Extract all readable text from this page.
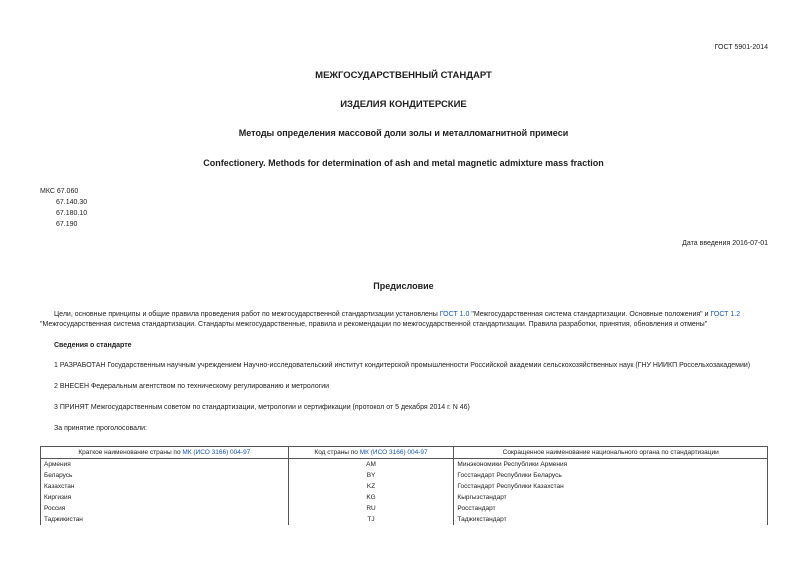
ГОСТ 5901-2014
МЕЖГОСУДАРСТВЕННЫЙ СТАНДАРТ
ИЗДЕЛИЯ КОНДИТЕРСКИЕ
Методы определения массовой доли золы и металломагнитной примеси
Confectionery. Methods for determination of ash and metal magnetic admixture mass fraction
МКС 67.060
67.140.30
67.180.10
67.190
Дата введения 2016-07-01
Предисловие
Цели, основные принципы и общие правила проведения работ по межгосударственной стандартизации установлены ГОСТ 1.0 "Межгосударственная система стандартизации. Основные положения" и ГОСТ 1.2 "Межгосударственная система стандартизации. Стандарты межгосударственные, правила и рекомендации по межгосударственной стандартизации. Правила разработки, принятия, обновления и отмены"
Сведения о стандарте
1 РАЗРАБОТАН Государственным научным учреждением Научно-исследовательский институт кондитерской промышленности Российской академии сельскохозяйственных наук (ГНУ НИИКП Россельхозакадемии)
2 ВНЕСЕН Федеральным агентством по техническому регулированию и метрологии
3 ПРИНЯТ Межгосударственным советом по стандартизации, метрологии и сертификации (протокол от 5 декабря 2014 г. N 46)
За принятие проголосовали:
Краткое наименование страны по МК (ИСО 3166) 004-97	Код страны по МК (ИСО 3166) 004-97	Сокращенное наименование национального органа по стандартизации
Армения	AM	Минэкономики Республики Армения
Беларусь	BY	Госстандарт Республики Беларусь
Казахстан	KZ	Госстандарт Республики Казахстан
Киргизия	KG	Кыргызстандарт
Россия	RU	Росстандарт
Таджикистан	TJ	Таджикстандарт
